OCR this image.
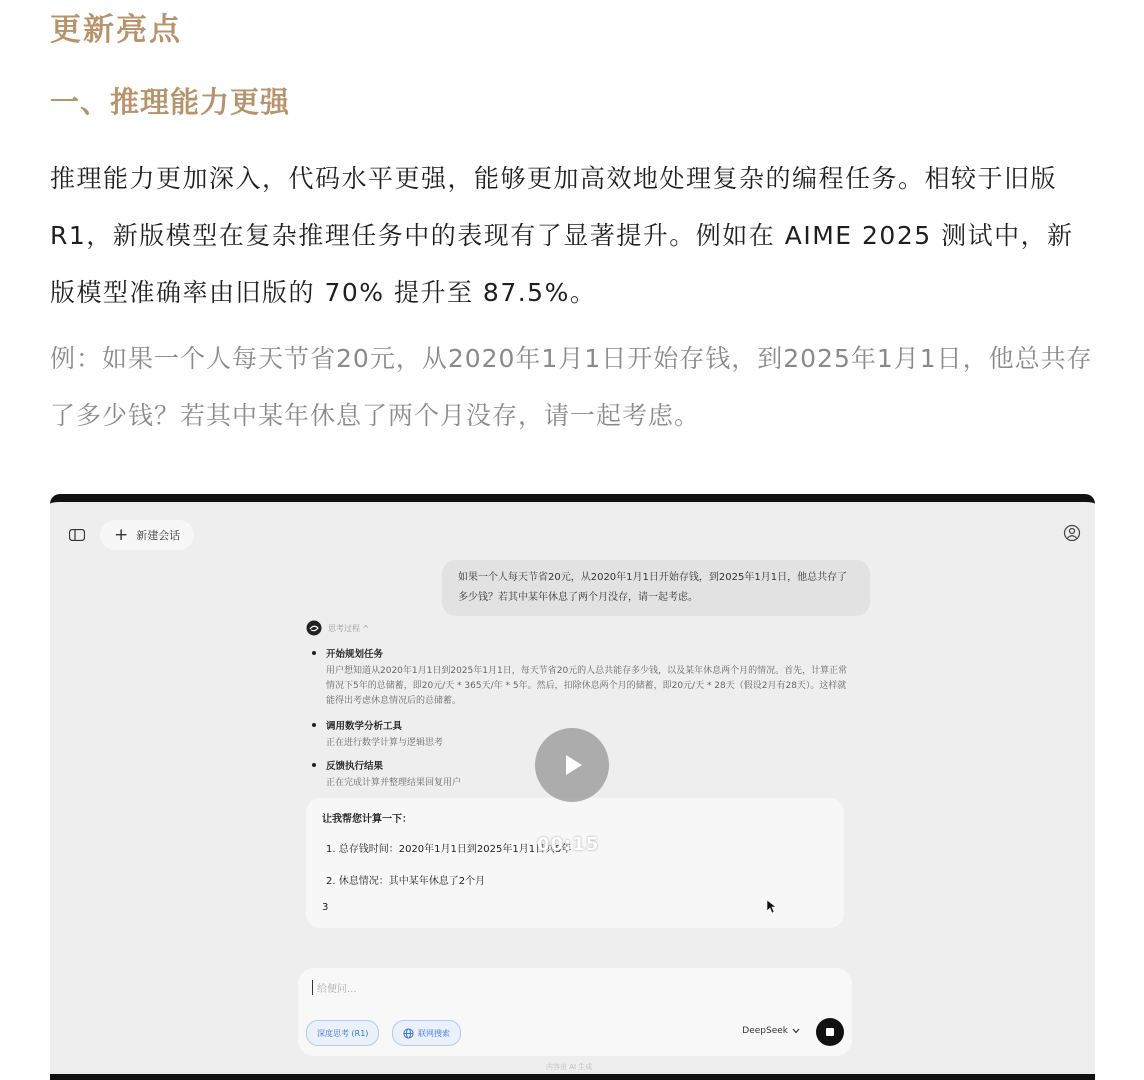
更新亮点
一、推理能力更强

推理能力更加深入，代码水平更强，能够更加高效地处理复杂的编程任务。相较于旧版 R1，新版模型在复杂推理任务中的表现有了显著提升。例如在 AIME 2025 测试中，新版模型准确率由旧版的 70% 提升至 87.5%。

例：如果一个人每天节省20元，从2020年1月1日开始存钱，到2025年1月1日，他总共存了多少钱？若其中某年休息了两个月没存，请一起考虑。

+ 新建会话
如果一个人每天节省20元，从2020年1月1日开始存钱，到2025年1月1日，他总共存了多少钱？若其中某年休息了两个月没存，请一起考虑。
思考过程 ^
开始规划任务
用户想知道从2020年1月1日到2025年1月1日，每天节省20元的人总共能存多少钱，以及某年休息两个月的情况。首先，计算正常情况下5年的总储蓄，即20元/天 * 365天/年 * 5年。然后，扣除休息两个月的储蓄，即20元/天 * 28天（假设2月有28天）。这样就能得出考虑休息情况后的总储蓄。
调用数学分析工具
正在进行数学计算与逻辑思考
反馈执行结果
正在完成计算并整理结果回复用户
让我帮您计算一下：
1. 总存钱时间：2020年1月1日到2025年1月1日共5年
2. 休息情况：其中某年休息了2个月
3
00:15
给便问...
深度思考 (R1)	联网搜索	DeepSeek
内容由 AI 生成
